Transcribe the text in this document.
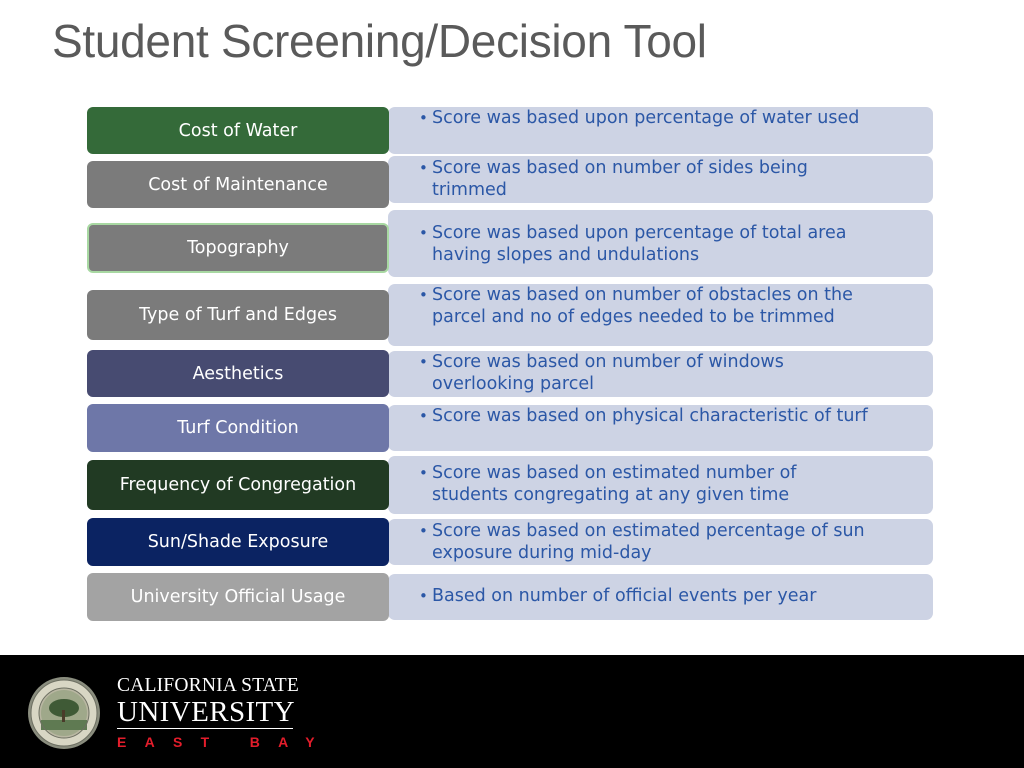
Student Screening/Decision Tool
• Score was based upon percentage of water used
Cost of Water
• Score was based on number of sides being trimmed
Cost of Maintenance
• Score was based upon percentage of total area having slopes and undulations
Topography
• Score was based on number of obstacles on the parcel and no of edges needed to be trimmed
Type of Turf and Edges
• Score was based on number of windows overlooking parcel
Aesthetics
• Score was based on physical characteristic of turf
Turf Condition
• Score was based on estimated number of students congregating at any given time
Frequency of Congregation
• Score was based on estimated percentage of sun exposure during mid-day
Sun/Shade Exposure
• Based on number of official events per year
University Official Usage
CALIFORNIA STATE
UNIVERSITY
EAST BAY
